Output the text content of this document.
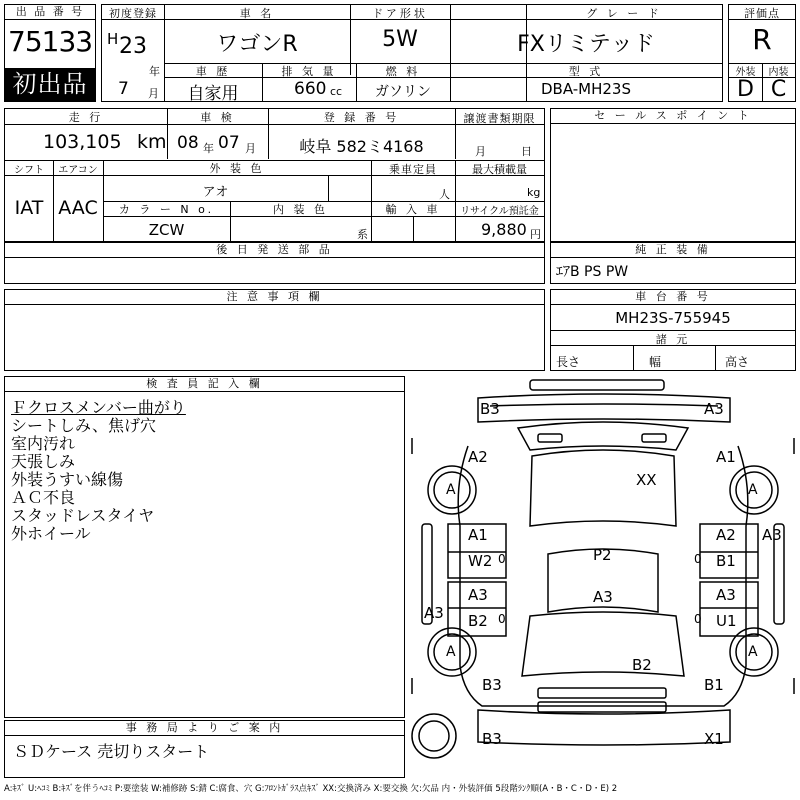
出 品 番 号
75133
初出品
初度登録
H 23
年
7 月
車 名
ワゴンR
ドア形状
5W
グ レ ー ド
FXリミテッド
車 歴
自家用
排 気 量
660 cc
燃 料
ガソリン
型 式
DBA-MH23S
評価点
R
外装	内装
D C
走 行
103,105 km
車 検
08 年 07 月
登 録 番 号
岐阜 582ミ4168
譲渡書類期限
月	日
シフト	エアコン
IAT AAC
外 装 色
アオ
乗車定員
人
最大積載量
kg
カ ラ ー N o.
ZCW
内 装 色
系
輸 入 車	リサイクル預託金
9,880 円
セ ー ル ス ポ イ ン ト
後 日 発 送 部 品	純 正 装 備
ｴｱB PS PW
注 意 事 項 欄	車 台 番 号
MH23S-755945
諸 元
長さ	幅	高さ
検 査 員 記 入 欄
Ｆクロスメンバー曲がり
シートしみ、焦げ穴
室内汚れ
天張しみ
外装うすい線傷
ＡＣ不良
スタッドレスタイヤ
外ホイール
事 務 局 よ り ご 案 内
ＳＤケース 売切りスタート
B3	A3
A2	A1
A	A
XX
A1
W2 0
A2
B1
0
A3
P2
A3
B2 0
A3	A3
U1
0
A3
A	A
B2
B3	B1
B3	X1
A:ｷｽﾞ U:ﾍｺﾐ B:ｷｽﾞを伴うﾍｺﾐ P:要塗装 W:補修跡 S:錆 C:腐食、穴 G:ﾌﾛﾝﾄｶﾞﾗｽ点ｷｽﾞ XX:交換済み X:要交換 欠:欠品 内・外装評価 5段階ﾗﾝｸ順(A・B・C・D・E) 2
